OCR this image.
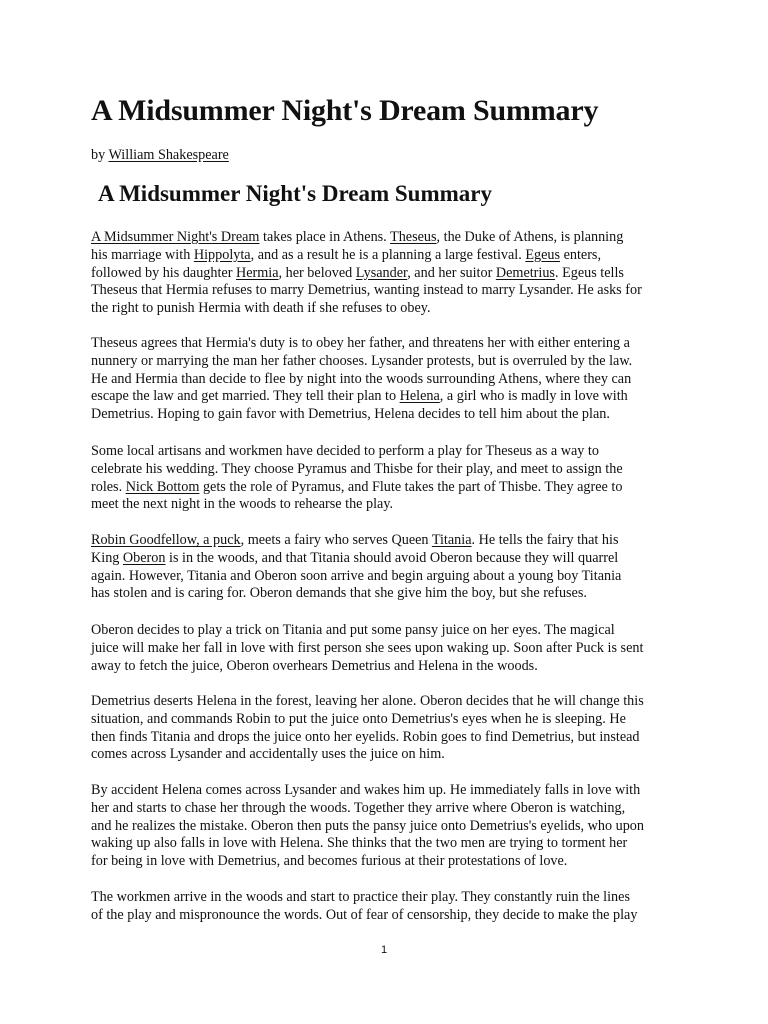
A Midsummer Night's Dream Summary

by William Shakespeare

A Midsummer Night's Dream Summary

A Midsummer Night's Dream takes place in Athens. Theseus, the Duke of Athens, is planning
his marriage with Hippolyta, and as a result he is a planning a large festival. Egeus enters,
followed by his daughter Hermia, her beloved Lysander, and her suitor Demetrius. Egeus tells
Theseus that Hermia refuses to marry Demetrius, wanting instead to marry Lysander. He asks for
the right to punish Hermia with death if she refuses to obey.

Theseus agrees that Hermia's duty is to obey her father, and threatens her with either entering a
nunnery or marrying the man her father chooses. Lysander protests, but is overruled by the law.
He and Hermia than decide to flee by night into the woods surrounding Athens, where they can
escape the law and get married. They tell their plan to Helena, a girl who is madly in love with
Demetrius. Hoping to gain favor with Demetrius, Helena decides to tell him about the plan.

Some local artisans and workmen have decided to perform a play for Theseus as a way to
celebrate his wedding. They choose Pyramus and Thisbe for their play, and meet to assign the
roles. Nick Bottom gets the role of Pyramus, and Flute takes the part of Thisbe. They agree to
meet the next night in the woods to rehearse the play.

Robin Goodfellow, a puck, meets a fairy who serves Queen Titania. He tells the fairy that his
King Oberon is in the woods, and that Titania should avoid Oberon because they will quarrel
again. However, Titania and Oberon soon arrive and begin arguing about a young boy Titania
has stolen and is caring for. Oberon demands that she give him the boy, but she refuses.

Oberon decides to play a trick on Titania and put some pansy juice on her eyes. The magical
juice will make her fall in love with first person she sees upon waking up. Soon after Puck is sent
away to fetch the juice, Oberon overhears Demetrius and Helena in the woods.

Demetrius deserts Helena in the forest, leaving her alone. Oberon decides that he will change this
situation, and commands Robin to put the juice onto Demetrius's eyes when he is sleeping. He
then finds Titania and drops the juice onto her eyelids. Robin goes to find Demetrius, but instead
comes across Lysander and accidentally uses the juice on him.

By accident Helena comes across Lysander and wakes him up. He immediately falls in love with
her and starts to chase her through the woods. Together they arrive where Oberon is watching,
and he realizes the mistake. Oberon then puts the pansy juice onto Demetrius's eyelids, who upon
waking up also falls in love with Helena. She thinks that the two men are trying to torment her
for being in love with Demetrius, and becomes furious at their protestations of love.

The workmen arrive in the woods and start to practice their play. They constantly ruin the lines
of the play and mispronounce the words. Out of fear of censorship, they decide to make the play

1
